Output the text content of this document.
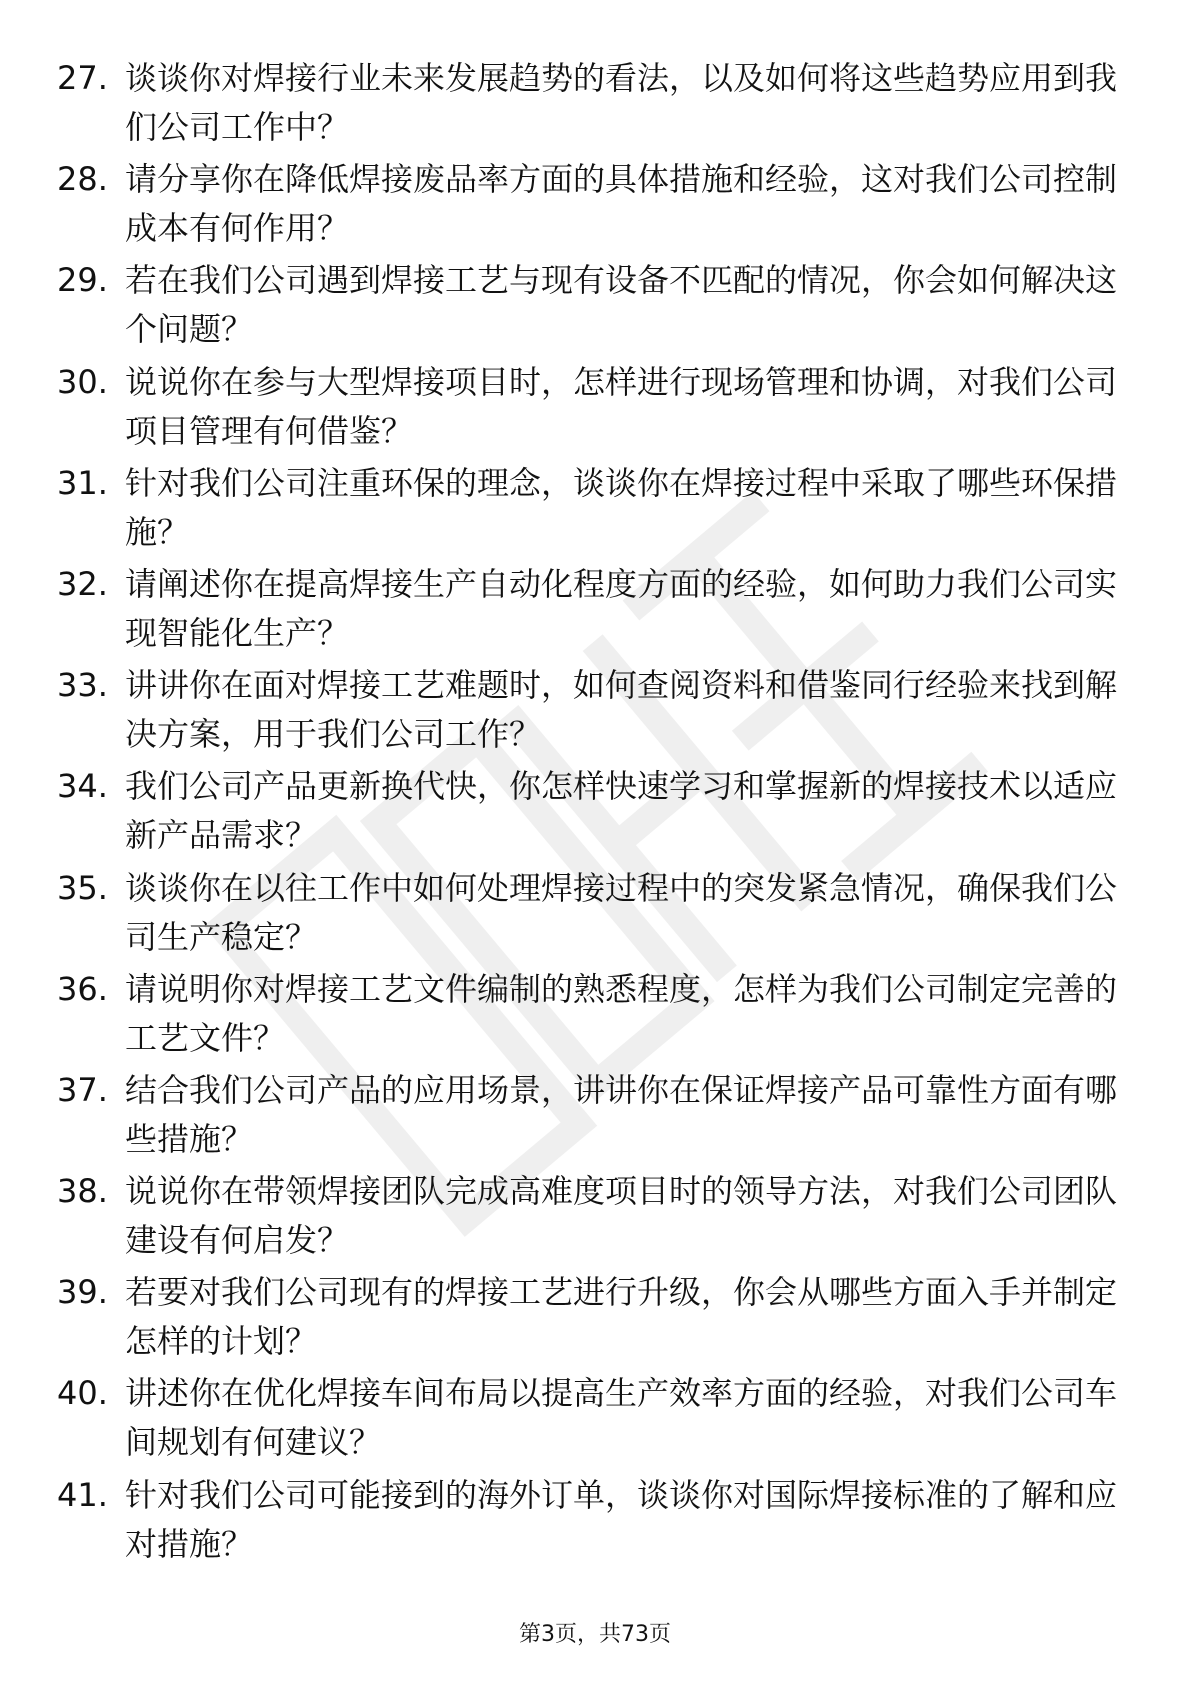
27. 谈谈你对焊接行业未来发展趋势的看法，以及如何将这些趋势应用到我们公司工作中？
28. 请分享你在降低焊接废品率方面的具体措施和经验，这对我们公司控制成本有何作用？
29. 若在我们公司遇到焊接工艺与现有设备不匹配的情况，你会如何解决这个问题？
30. 说说你在参与大型焊接项目时，怎样进行现场管理和协调，对我们公司项目管理有何借鉴？
31. 针对我们公司注重环保的理念，谈谈你在焊接过程中采取了哪些环保措施？
32. 请阐述你在提高焊接生产自动化程度方面的经验，如何助力我们公司实现智能化生产？
33. 讲讲你在面对焊接工艺难题时，如何查阅资料和借鉴同行经验来找到解决方案，用于我们公司工作？
34. 我们公司产品更新换代快，你怎样快速学习和掌握新的焊接技术以适应新产品需求？
35. 谈谈你在以往工作中如何处理焊接过程中的突发紧急情况，确保我们公司生产稳定？
36. 请说明你对焊接工艺文件编制的熟悉程度，怎样为我们公司制定完善的工艺文件？
37. 结合我们公司产品的应用场景，讲讲你在保证焊接产品可靠性方面有哪些措施？
38. 说说你在带领焊接团队完成高难度项目时的领导方法，对我们公司团队建设有何启发？
39. 若要对我们公司现有的焊接工艺进行升级，你会从哪些方面入手并制定怎样的计划？
40. 讲述你在优化焊接车间布局以提高生产效率方面的经验，对我们公司车间规划有何建议？
41. 针对我们公司可能接到的海外订单，谈谈你对国际焊接标准的了解和应对措施？
第3页，共73页
